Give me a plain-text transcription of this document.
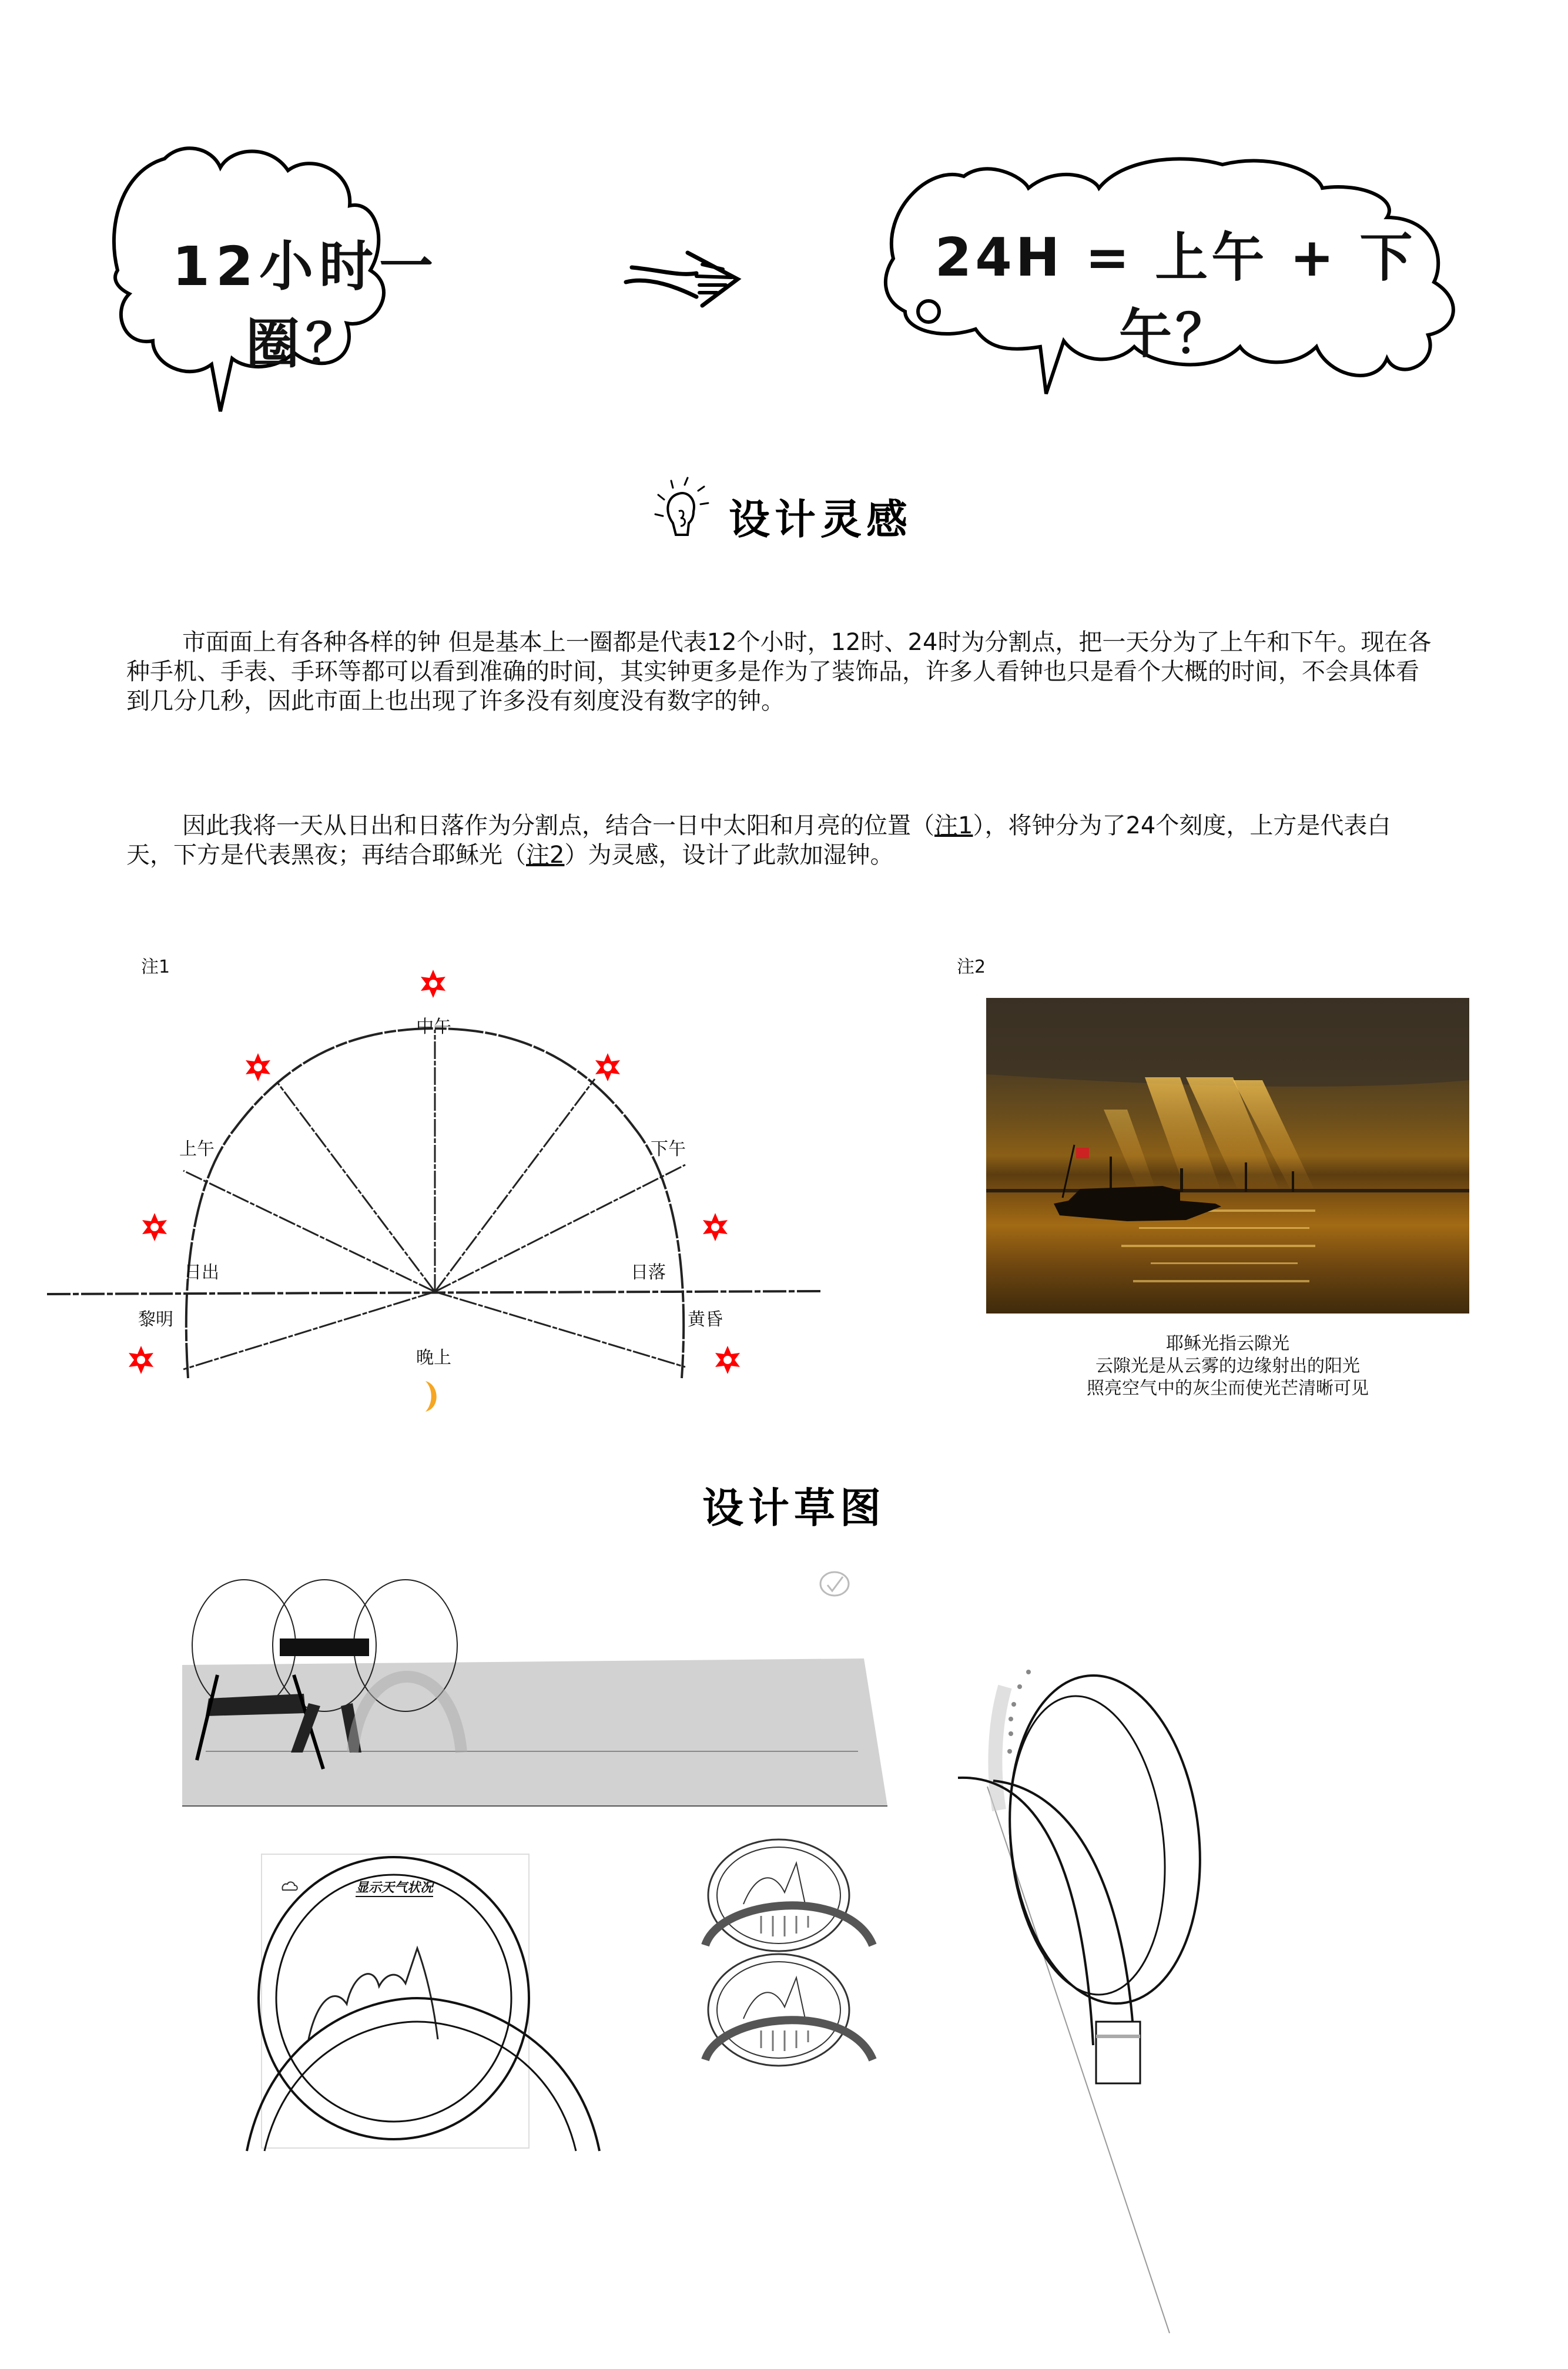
12小时一圈？
24H = 上午 + 下午？
设计灵感
市面面上有各种各样的钟 但是基本上一圈都是代表12个小时，12时、24时为分割点，把一天分为了上午和下午。现在各种手机、手表、手环等都可以看到准确的时间，其实钟更多是作为了装饰品，许多人看钟也只是看个大概的时间，不会具体看到几分几秒，因此市面上也出现了许多没有刻度没有数字的钟。
因此我将一天从日出和日落作为分割点，结合一日中太阳和月亮的位置（注1），将钟分为了24个刻度，上方是代表白天，下方是代表黑夜；再结合耶稣光（注2）为灵感，设计了此款加湿钟。
注1
中午
上午	下午
日出	日落
黎明	黄昏
晚上
注2
耶稣光指云隙光
云隙光是从云雾的边缘射出的阳光
照亮空气中的灰尘而使光芒清晰可见
设计草图
显示天气状况
